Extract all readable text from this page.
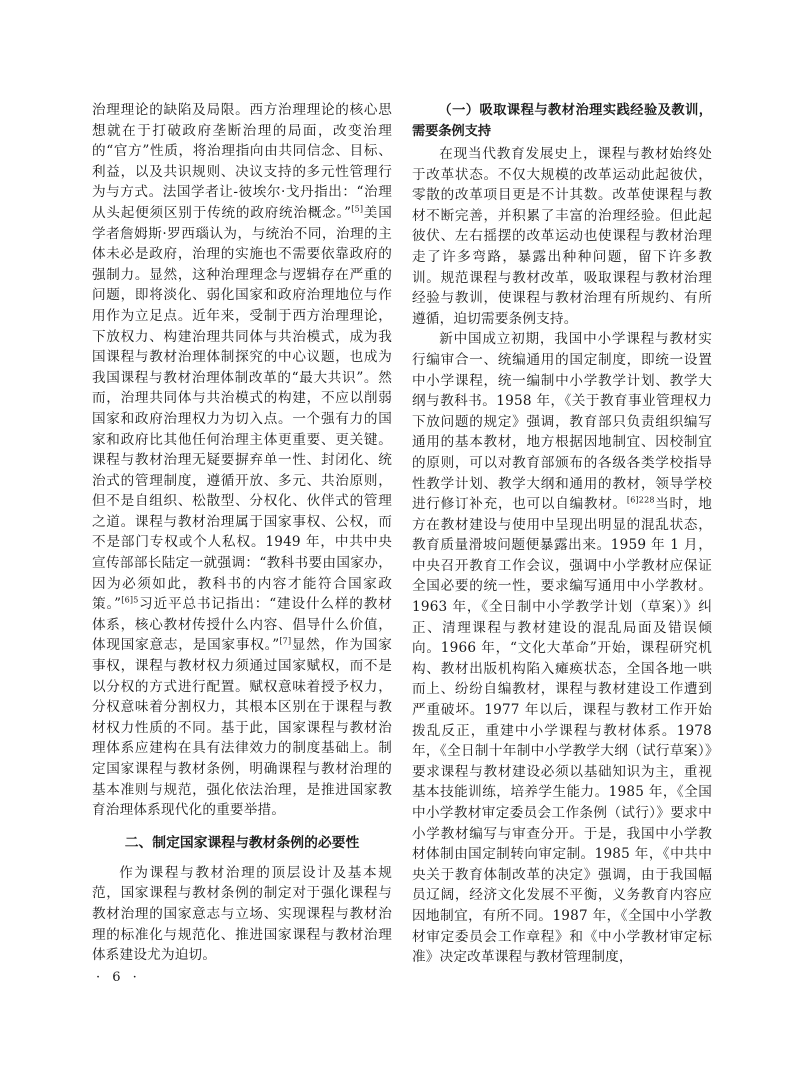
治理理论的缺陷及局限。西方治理理论的核心思想就在于打破政府垄断治理的局面，改变治理的“官方”性质，将治理指向由共同信念、目标、利益，以及共识规则、决议支持的多元性管理行为与方式。法国学者让-彼埃尔·戈丹指出：“治理从头起便须区别于传统的政府统治概念。”[5]美国学者詹姆斯·罗西瑙认为，与统治不同，治理的主体未必是政府，治理的实施也不需要依靠政府的强制力。显然，这种治理理念与逻辑存在严重的问题，即将淡化、弱化国家和政府治理地位与作用作为立足点。近年来，受制于西方治理理论，下放权力、构建治理共同体与共治模式，成为我国课程与教材治理体制探究的中心议题，也成为我国课程与教材治理体制改革的“最大共识”。然而，治理共同体与共治模式的构建，不应以削弱国家和政府治理权力为切入点。一个强有力的国家和政府比其他任何治理主体更重要、更关键。课程与教材治理无疑要摒弃单一性、封闭化、统治式的管理制度，遵循开放、多元、共治原则，但不是自组织、松散型、分权化、伙伴式的管理之道。课程与教材治理属于国家事权、公权，而不是部门专权或个人私权。1949 年，中共中央宣传部部长陆定一就强调：“教科书要由国家办，因为必须如此，教科书的内容才能符合国家政策。”$^{[6]5}$习近平总书记指出：“建设什么样的教材体系，核心教材传授什么内容、倡导什么价值，体现国家意志，是国家事权。”[7]显然，作为国家事权，课程与教材权力须通过国家赋权，而不是以分权的方式进行配置。赋权意味着授予权力，分权意味着分割权力，其根本区别在于课程与教材权力性质的不同。基于此，国家课程与教材治理体系应建构在具有法律效力的制度基础上。制定国家课程与教材条例，明确课程与教材治理的基本准则与规范，强化依法治理，是推进国家教育治理体系现代化的重要举措。

二、制定国家课程与教材条例的必要性

作为课程与教材治理的顶层设计及基本规范，国家课程与教材条例的制定对于强化课程与教材治理的国家意志与立场、实现课程与教材治理的标准化与规范化、推进国家课程与教材治理体系建设尤为迫切。

（一）吸取课程与教材治理实践经验及教训，需要条例支持

在现当代教育发展史上，课程与教材始终处于改革状态。不仅大规模的改革运动此起彼伏，零散的改革项目更是不计其数。改革使课程与教材不断完善，并积累了丰富的治理经验。但此起彼伏、左右摇摆的改革运动也使课程与教材治理走了许多弯路，暴露出种种问题，留下许多教训。规范课程与教材改革，吸取课程与教材治理经验与教训，使课程与教材治理有所规约、有所遵循，迫切需要条例支持。

新中国成立初期，我国中小学课程与教材实行编审合一、统编通用的国定制度，即统一设置中小学课程，统一编制中小学教学计划、教学大纲与教科书。1958 年，《关于教育事业管理权力下放问题的规定》强调，教育部只负责组织编写通用的基本教材，地方根据因地制宜、因校制宜的原则，可以对教育部颁布的各级各类学校指导性教学计划、教学大纲和通用的教材，领导学校进行修订补充，也可以自编教材。$^{[6]228}$当时，地方在教材建设与使用中呈现出明显的混乱状态，教育质量滑坡问题便暴露出来。1959 年 1 月，中央召开教育工作会议，强调中小学教材应保证全国必要的统一性，要求编写通用中小学教材。1963 年，《全日制中小学教学计划（草案）》纠正、清理课程与教材建设的混乱局面及错误倾向。1966 年，“文化大革命”开始，课程研究机构、教材出版机构陷入瘫痪状态，全国各地一哄而上、纷纷自编教材，课程与教材建设工作遭到严重破坏。1977 年以后，课程与教材工作开始拨乱反正，重建中小学课程与教材体系。1978 年，《全日制十年制中小学教学大纲（试行草案）》要求课程与教材建设必须以基础知识为主，重视基本技能训练，培养学生能力。1985 年，《全国中小学教材审定委员会工作条例（试行）》要求中小学教材编写与审查分开。于是，我国中小学教材体制由国定制转向审定制。1985 年，《中共中央关于教育体制改革的决定》强调，由于我国幅员辽阔，经济文化发展不平衡，义务教育内容应因地制宜，有所不同。1987 年，《全国中小学教材审定委员会工作章程》和《中小学教材审定标准》决定改革课程与教材管理制度，

· 6 ·
